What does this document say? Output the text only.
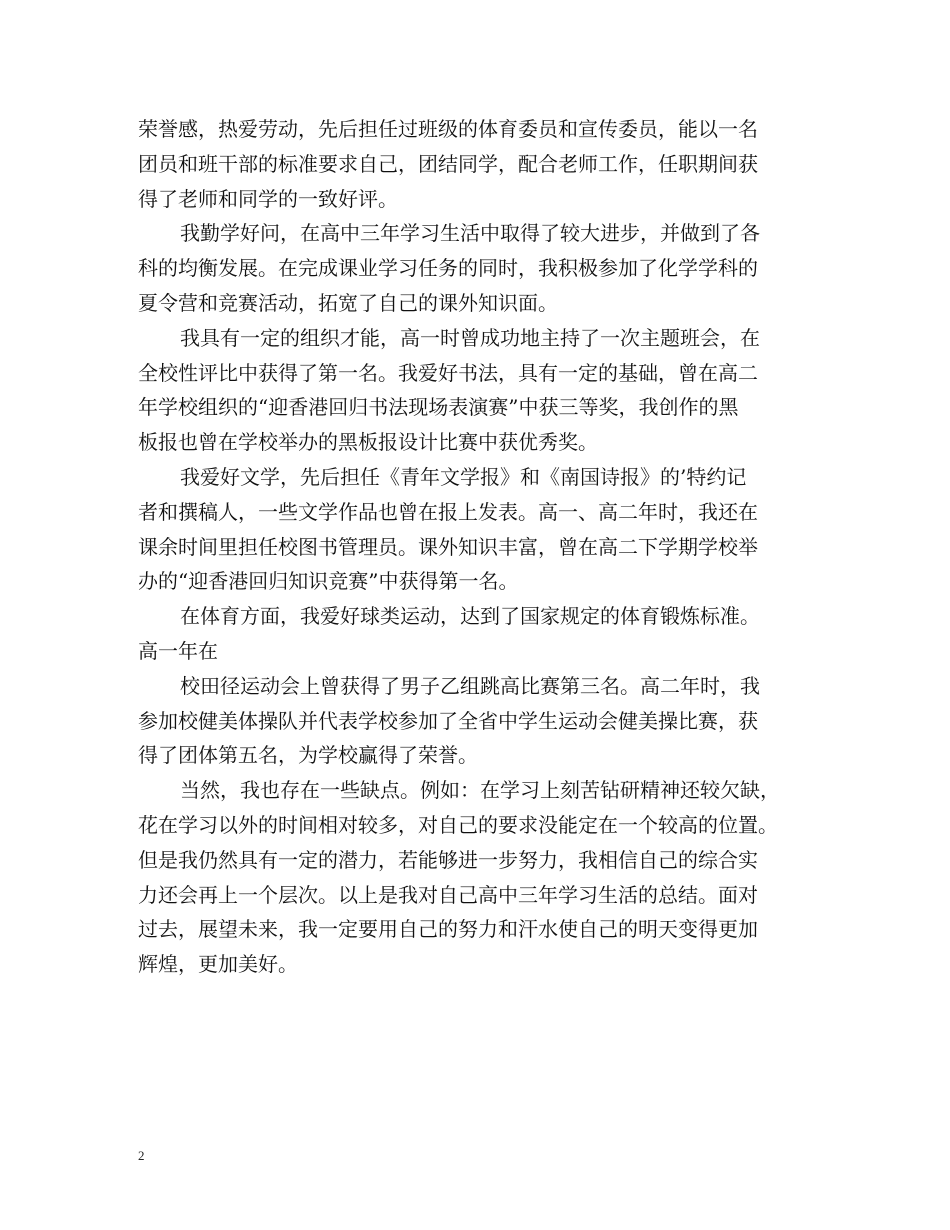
荣誉感，热爱劳动，先后担任过班级的体育委员和宣传委员，能以一名
团员和班干部的标准要求自己，团结同学，配合老师工作，任职期间获
得了老师和同学的一致好评。
我勤学好问，在高中三年学习生活中取得了较大进步，并做到了各
科的均衡发展。在完成课业学习任务的同时，我积极参加了化学学科的
夏令营和竞赛活动，拓宽了自己的课外知识面。
我具有一定的组织才能，高一时曾成功地主持了一次主题班会，在
全校性评比中获得了第一名。我爱好书法，具有一定的基础，曾在高二
年学校组织的“迎香港回归书法现场表演赛”中获三等奖，我创作的黑
板报也曾在学校举办的黑板报设计比赛中获优秀奖。
我爱好文学，先后担任《青年文学报》和《南国诗报》的’特约记
者和撰稿人，一些文学作品也曾在报上发表。高一、高二年时，我还在
课余时间里担任校图书管理员。课外知识丰富，曾在高二下学期学校举
办的“迎香港回归知识竞赛”中获得第一名。
在体育方面，我爱好球类运动，达到了国家规定的体育锻炼标准。
高一年在
校田径运动会上曾获得了男子乙组跳高比赛第三名。高二年时，我
参加校健美体操队并代表学校参加了全省中学生运动会健美操比赛，获
得了团体第五名，为学校赢得了荣誉。
当然，我也存在一些缺点。例如：在学习上刻苦钻研精神还较欠缺，
花在学习以外的时间相对较多，对自己的要求没能定在一个较高的位置。
但是我仍然具有一定的潜力，若能够进一步努力，我相信自己的综合实
力还会再上一个层次。以上是我对自己高中三年学习生活的总结。面对
过去，展望未来，我一定要用自己的努力和汗水使自己的明天变得更加
辉煌，更加美好。
2
